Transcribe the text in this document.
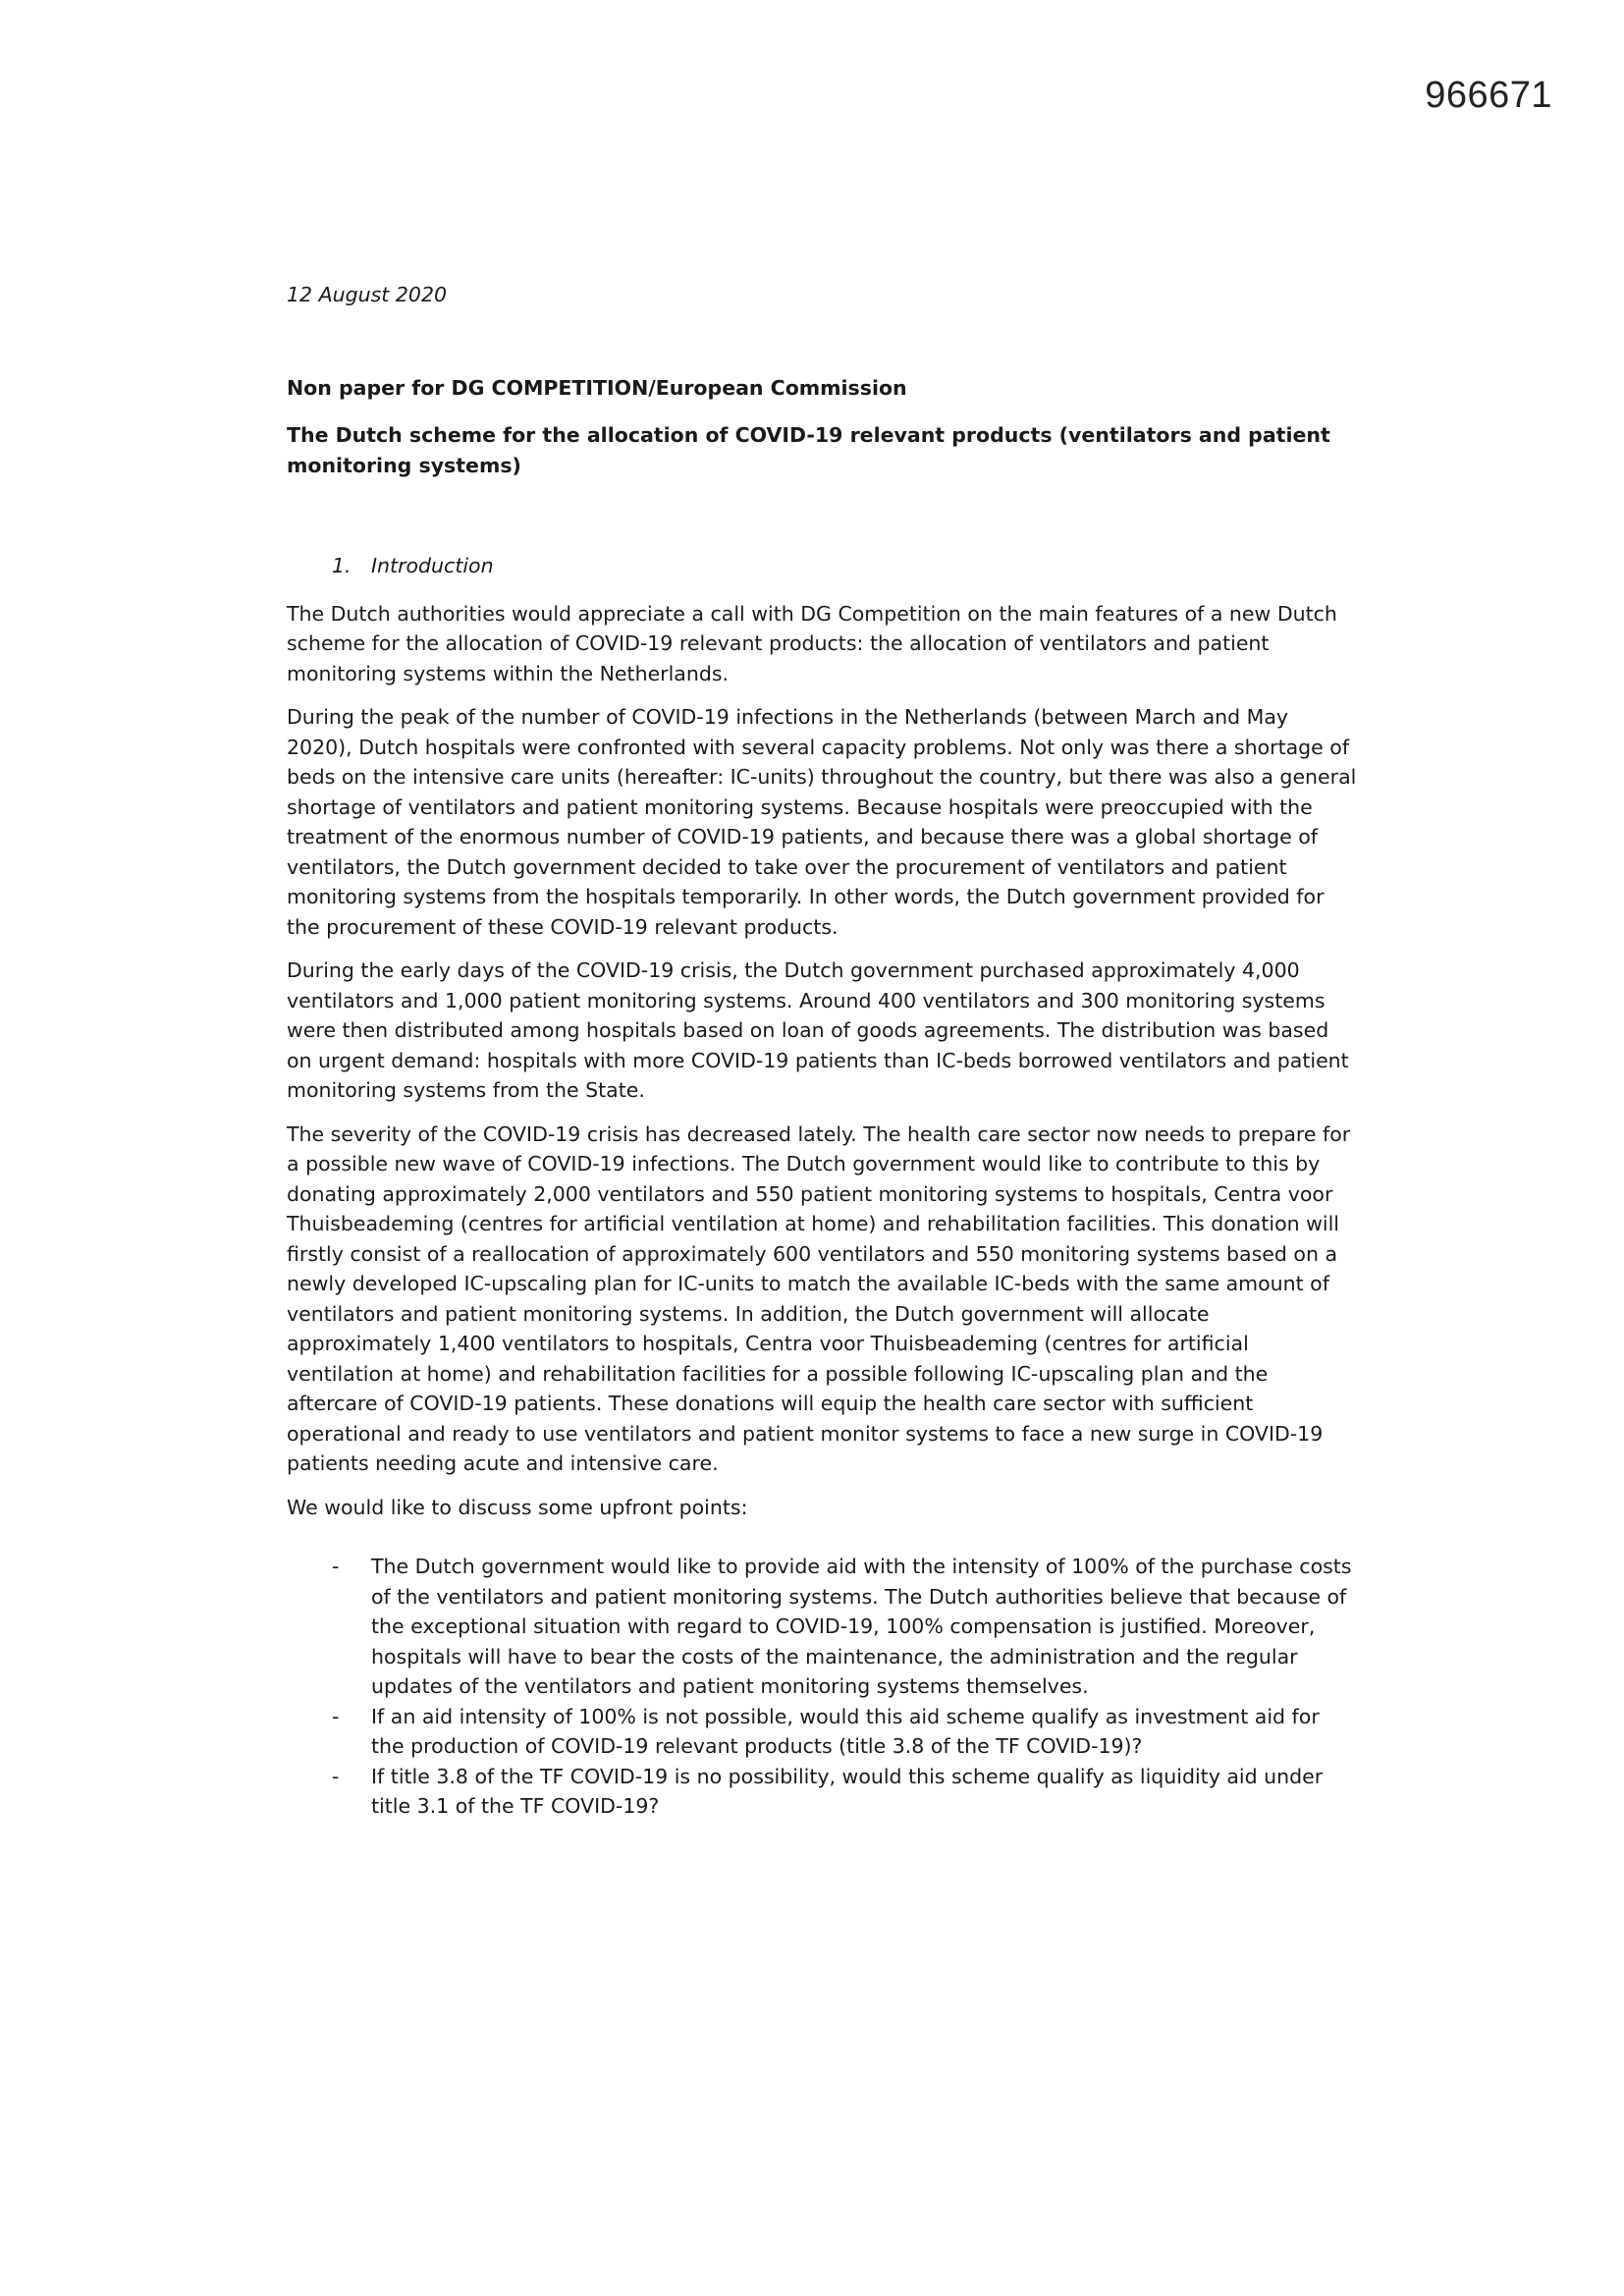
966671
12 August 2020
Non paper for DG COMPETITION/European Commission
The Dutch scheme for the allocation of COVID-19 relevant products (ventilators and patient monitoring systems)
1. Introduction

The Dutch authorities would appreciate a call with DG Competition on the main features of a new Dutch scheme for the allocation of COVID-19 relevant products: the allocation of ventilators and patient monitoring systems within the Netherlands.

During the peak of the number of COVID-19 infections in the Netherlands (between March and May 2020), Dutch hospitals were confronted with several capacity problems. Not only was there a shortage of beds on the intensive care units (hereafter: IC-units) throughout the country, but there was also a general shortage of ventilators and patient monitoring systems. Because hospitals were preoccupied with the treatment of the enormous number of COVID-19 patients, and because there was a global shortage of ventilators, the Dutch government decided to take over the procurement of ventilators and patient monitoring systems from the hospitals temporarily. In other words, the Dutch government provided for the procurement of these COVID-19 relevant products.

During the early days of the COVID-19 crisis, the Dutch government purchased approximately 4,000 ventilators and 1,000 patient monitoring systems. Around 400 ventilators and 300 monitoring systems were then distributed among hospitals based on loan of goods agreements. The distribution was based on urgent demand: hospitals with more COVID-19 patients than IC-beds borrowed ventilators and patient monitoring systems from the State.

The severity of the COVID-19 crisis has decreased lately. The health care sector now needs to prepare for a possible new wave of COVID-19 infections. The Dutch government would like to contribute to this by donating approximately 2,000 ventilators and 550 patient monitoring systems to hospitals, Centra voor Thuisbeademing (centres for artificial ventilation at home) and rehabilitation facilities. This donation will firstly consist of a reallocation of approximately 600 ventilators and 550 monitoring systems based on a newly developed IC-upscaling plan for IC-units to match the available IC-beds with the same amount of ventilators and patient monitoring systems. In addition, the Dutch government will allocate approximately 1,400 ventilators to hospitals, Centra voor Thuisbeademing (centres for artificial ventilation at home) and rehabilitation facilities for a possible following IC-upscaling plan and the aftercare of COVID-19 patients. These donations will equip the health care sector with sufficient operational and ready to use ventilators and patient monitor systems to face a new surge in COVID-19 patients needing acute and intensive care.

We would like to discuss some upfront points:

- The Dutch government would like to provide aid with the intensity of 100% of the purchase costs of the ventilators and patient monitoring systems. The Dutch authorities believe that because of the exceptional situation with regard to COVID-19, 100% compensation is justified. Moreover, hospitals will have to bear the costs of the maintenance, the administration and the regular updates of the ventilators and patient monitoring systems themselves.
- If an aid intensity of 100% is not possible, would this aid scheme qualify as investment aid for the production of COVID-19 relevant products (title 3.8 of the TF COVID-19)?
- If title 3.8 of the TF COVID-19 is no possibility, would this scheme qualify as liquidity aid under title 3.1 of the TF COVID-19?
